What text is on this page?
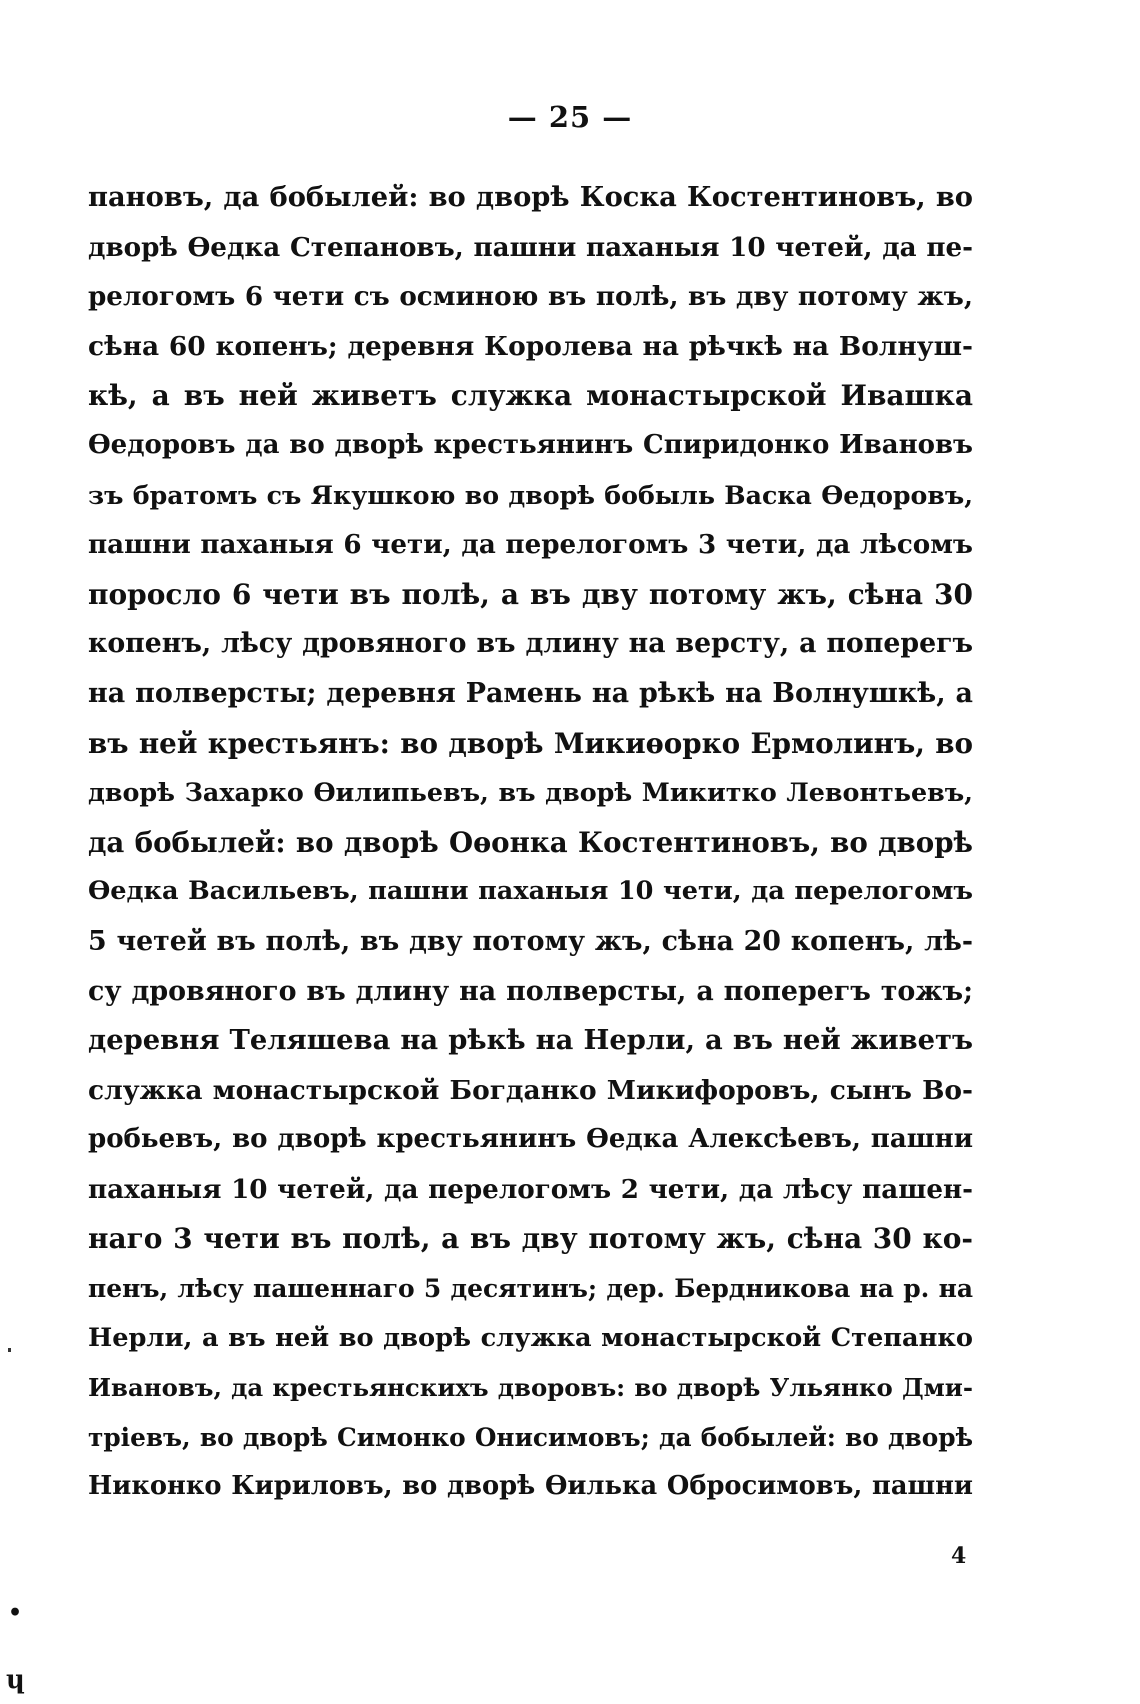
— 25 —
пановъ, да бобылей: во дворѣ Коска Костентиновъ, во
дворѣ Ѳедка Степановъ, пашни паханыя 10 четей, да пе-
релогомъ 6 чети съ осминою въ полѣ, въ дву потому жъ,
сѣна 60 копенъ; деревня Королева на рѣчкѣ на Волнуш-
кѣ, а въ ней живетъ служка монастырской Ивашка
Ѳедоровъ да во дворѣ крестьянинъ Спиридонко Ивановъ
зъ братомъ съ Якушкою во дворѣ бобыль Васка Ѳедоровъ,
пашни паханыя 6 чети, да перелогомъ 3 чети, да лѣсомъ
поросло 6 чети въ полѣ, а въ дву потому жъ, сѣна 30
копенъ, лѣсу дровяного въ длину на версту, а поперегъ
на полверсты; деревня Рамень на рѣкѣ на Волнушкѣ, а
въ ней крестьянъ: во дворѣ Микиѳорко Ермолинъ, во
дворѣ Захарко Ѳилипьевъ, въ дворѣ Микитко Левонтьевъ,
да бобылей: во дворѣ Оѳонка Костентиновъ, во дворѣ
Ѳедка Васильевъ, пашни паханыя 10 чети, да перелогомъ
5 четей въ полѣ, въ дву потому жъ, сѣна 20 копенъ, лѣ-
су дровяного въ длину на полверсты, а поперегъ тожъ;
деревня Теляшева на рѣкѣ на Нерли, а въ ней живетъ
служка монастырской Богданко Микифоровъ, сынъ Во-
робьевъ, во дворѣ крестьянинъ Ѳедка Алексѣевъ, пашни
паханыя 10 четей, да перелогомъ 2 чети, да лѣсу пашен-
наго 3 чети въ полѣ, а въ дву потому жъ, сѣна 30 ко-
пенъ, лѣсу пашеннаго 5 десятинъ; дер. Бердникова на р. на
Нерли, а въ ней во дворѣ служка монастырской Степанко
Ивановъ, да крестьянскихъ дворовъ: во дворѣ Ульянко Дми-
тріевъ, во дворѣ Симонко Онисимовъ; да бобылей: во дворѣ
Никонко Кириловъ, во дворѣ Ѳилька Обросимовъ, пашни
4
•
ɥ
